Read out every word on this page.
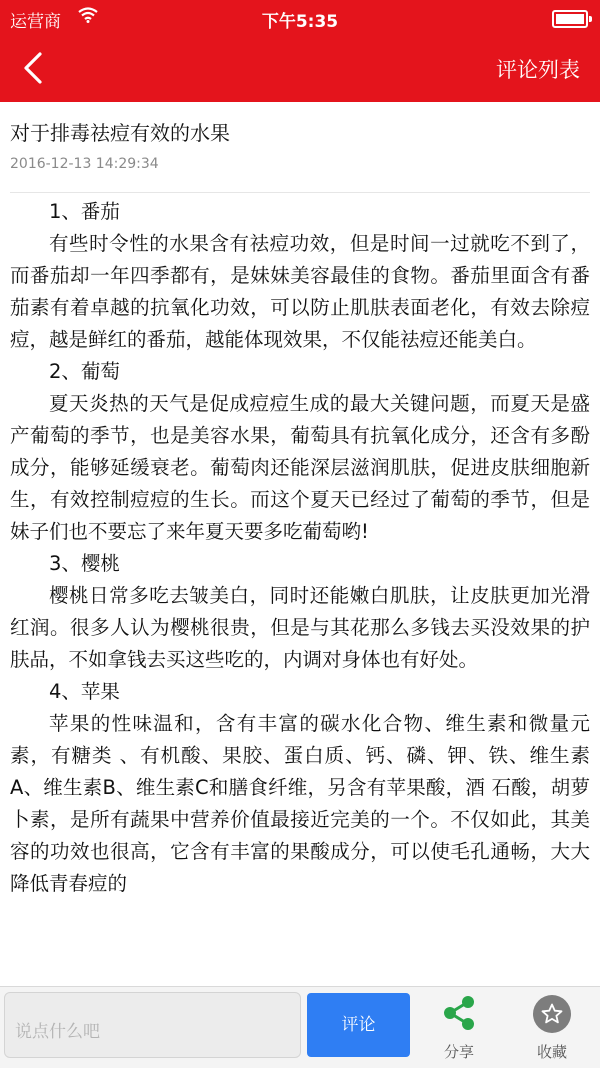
运营商	下午5:35
评论列表
对于排毒祛痘有效的水果
2016-12-13 14:29:34

1、番茄

有些时令性的水果含有祛痘功效，但是时间一过就吃不到了，而番茄却一年四季都有，是妹妹美容最佳的食物。番茄里面含有番茄素有着卓越的抗氧化功效，可以防止肌肤表面老化，有效去除痘痘，越是鲜红的番茄，越能体现效果，不仅能祛痘还能美白。

2、葡萄

夏天炎热的天气是促成痘痘生成的最大关键问题，而夏天是盛产葡萄的季节，也是美容水果，葡萄具有抗氧化成分，还含有多酚成分，能够延缓衰老。葡萄肉还能深层滋润肌肤，促进皮肤细胞新生，有效控制痘痘的生长。而这个夏天已经过了葡萄的季节，但是妹子们也不要忘了来年夏天要多吃葡萄哟!

3、樱桃

樱桃日常多吃去皱美白，同时还能嫩白肌肤，让皮肤更加光滑红润。很多人认为樱桃很贵，但是与其花那么多钱去买没效果的护肤品，不如拿钱去买这些吃的，内调对身体也有好处。

4、苹果

苹果的性味温和，含有丰富的碳水化合物、维生素和微量元素，有糖类 、有机酸、果胶、蛋白质、钙、磷、钾、铁、维生素A、维生素B、维生素C和膳食纤维，另含有苹果酸，酒 石酸，胡萝卜素，是所有蔬果中营养价值最接近完美的一个。不仅如此，其美容的功效也很高，它含有丰富的果酸成分，可以使毛孔通畅，大大降低青春痘的

说点什么吧	评论
分享	收藏
